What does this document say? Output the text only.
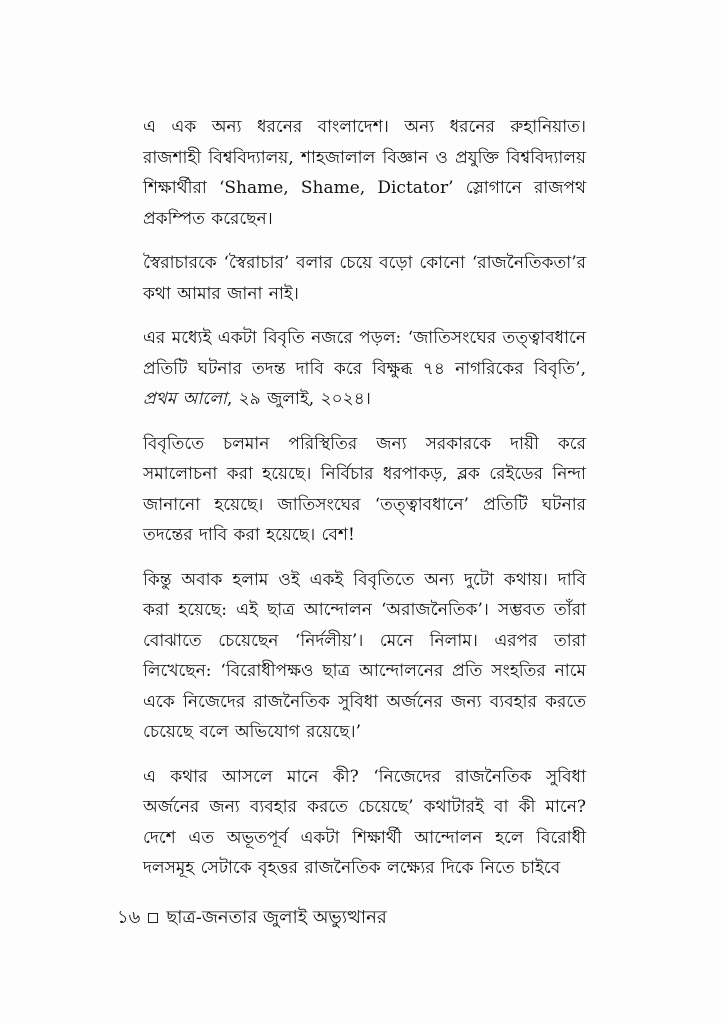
এ এক অন্য ধরনের বাংলাদেশ। অন্য ধরনের রুহানিয়াত। রাজশাহী বিশ্ববিদ্যালয়, শাহজালাল বিজ্ঞান ও প্রযুক্তি বিশ্ববিদ্যালয় শিক্ষার্থীরা ‘Shame, Shame, Dictator’ স্লোগানে রাজপথ প্রকম্পিত করেছেন।

স্বৈরাচারকে ‘স্বৈরাচার’ বলার চেয়ে বড়ো কোনো ‘রাজনৈতিকতা’র কথা আমার জানা নাই।

এর মধ্যেই একটা বিবৃতি নজরে পড়ল: ‘জাতিসংঘের তত্ত্বাবধানে প্রতিটি ঘটনার তদন্ত দাবি করে বিক্ষুব্ধ ৭৪ নাগরিকের বিবৃতি’, প্রথম আলো, ২৯ জুলাই, ২০২৪।

বিবৃতিতে চলমান পরিস্থিতির জন্য সরকারকে দায়ী করে সমালোচনা করা হয়েছে। নির্বিচার ধরপাকড়, ব্লক রেইডের নিন্দা জানানো হয়েছে। জাতিসংঘের ‘তত্ত্বাবধানে’ প্রতিটি ঘটনার তদন্তের দাবি করা হয়েছে। বেশ!

কিন্তু অবাক হলাম ওই একই বিবৃতিতে অন্য দুটো কথায়। দাবি করা হয়েছে: এই ছাত্র আন্দোলন ‘অরাজনৈতিক’। সম্ভবত তাঁরা বোঝাতে চেয়েছেন ‘নির্দলীয়’। মেনে নিলাম। এরপর তারা লিখেছেন: ‘বিরোধীপক্ষও ছাত্র আন্দোলনের প্রতি সংহতির নামে একে নিজেদের রাজনৈতিক সুবিধা অর্জনের জন্য ব্যবহার করতে চেয়েছে বলে অভিযোগ রয়েছে।’

এ কথার আসলে মানে কী? ‘নিজেদের রাজনৈতিক সুবিধা অর্জনের জন্য ব্যবহার করতে চেয়েছে’ কথাটারই বা কী মানে? দেশে এত অভূতপূর্ব একটা শিক্ষার্থী আন্দোলন হলে বিরোধী দলসমূহ সেটাকে বৃহত্তর রাজনৈতিক লক্ষ্যের দিকে নিতে চাইবে

১৬ ছাত্র-জনতার জুলাই অভ্যুত্থানর
